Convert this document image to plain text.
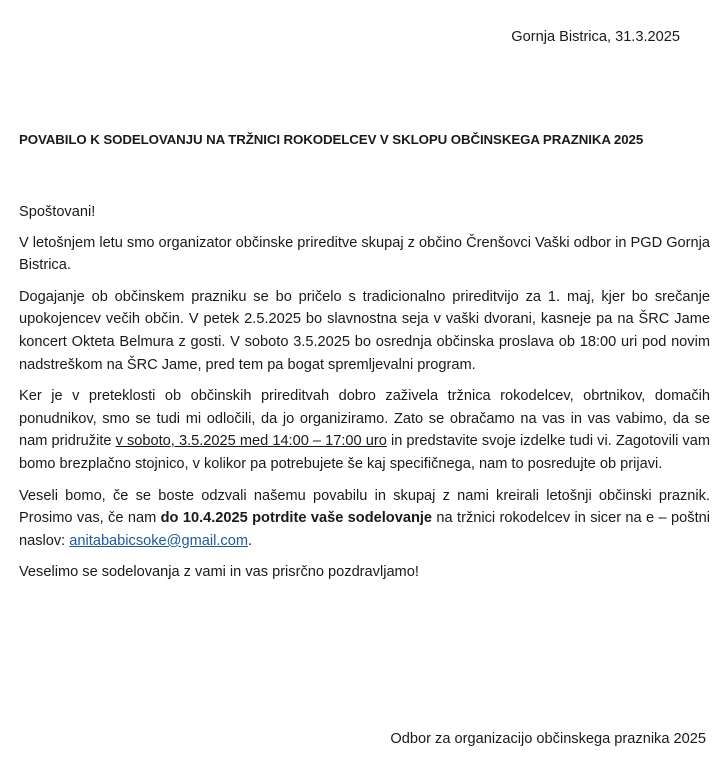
Gornja Bistrica, 31.3.2025
POVABILO K SODELOVANJU NA TRŽNICI ROKODELCEV V SKLOPU OBČINSKEGA PRAZNIKA 2025

Spoštovani!

V letošnjem letu smo organizator občinske prireditve skupaj z občino Črenšovci Vaški odbor in PGD Gornja Bistrica.

Dogajanje ob občinskem prazniku se bo pričelo s tradicionalno prireditvijo za 1. maj, kjer bo srečanje upokojencev večih občin. V petek 2.5.2025 bo slavnostna seja v vaški dvorani, kasneje pa na ŠRC Jame koncert Okteta Belmura z gosti. V soboto 3.5.2025 bo osrednja občinska proslava ob 18:00 uri pod novim nadstreškom na ŠRC Jame, pred tem pa bogat spremljevalni program.

Ker je v preteklosti ob občinskih prireditvah dobro zaživela tržnica rokodelcev, obrtnikov, domačih ponudnikov, smo se tudi mi odločili, da jo organiziramo. Zato se obračamo na vas in vas vabimo, da se nam pridružite v soboto, 3.5.2025 med 14:00 – 17:00 uro in predstavite svoje izdelke tudi vi. Zagotovili vam bomo brezplačno stojnico, v kolikor pa potrebujete še kaj specifičnega, nam to posredujte ob prijavi.

Veseli bomo, če se boste odzvali našemu povabilu in skupaj z nami kreirali letošnji občinski praznik. Prosimo vas, če nam do 10.4.2025 potrdite vaše sodelovanje na tržnici rokodelcev in sicer na e – poštni naslov: anitababicsoke@gmail.com.

Veselimo se sodelovanja z vami in vas prisrčno pozdravljamo!

Odbor za organizacijo občinskega praznika 2025
